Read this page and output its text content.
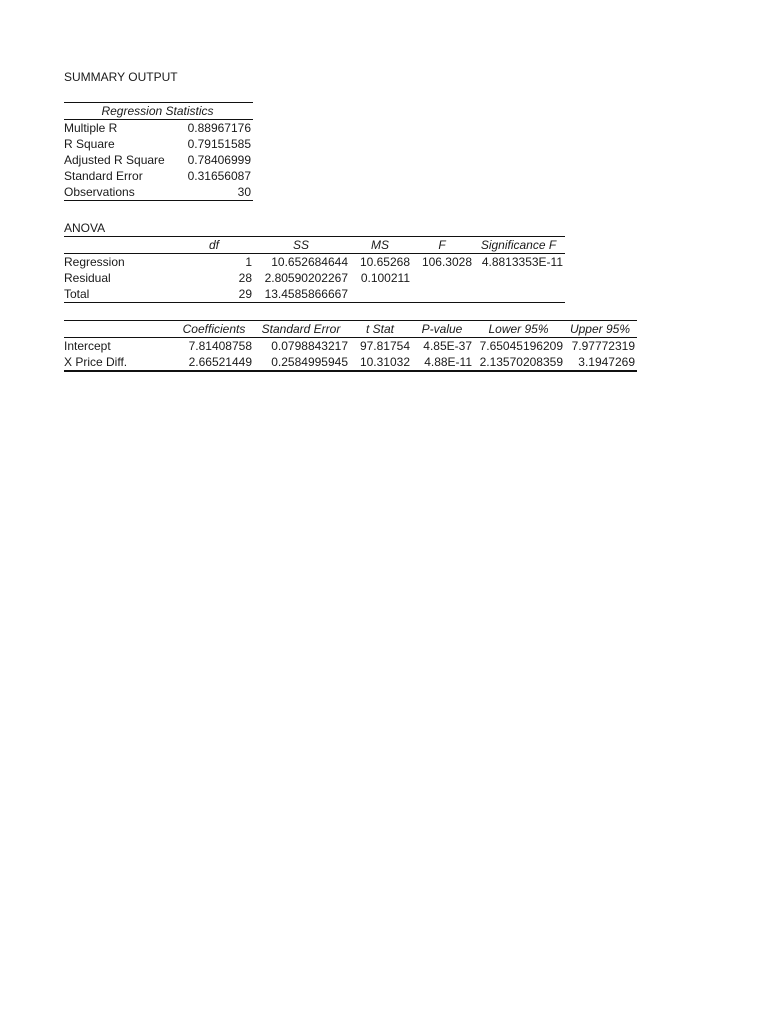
SUMMARY OUTPUT
Regression Statistics	
Multiple R	0.88967176
R Square	0.79151585
Adjusted R Square	0.78406999
Standard Error	0.31656087
Observations	30
ANOVA
	df	SS	MS	F	Significance F
Regression	1	10.652684644	10.65268	106.3028	4.8813353E-11
Residual	28	2.80590202267	0.100211		
Total	29	13.4585866667			
	Coefficients	Standard Error	t Stat	P-value	Lower 95%	Upper 95%
Intercept	7.81408758	0.0798843217	97.81754	4.85E-37	7.65045196209	7.97772319
X Price Diff.	2.66521449	0.2584995945	10.31032	4.88E-11	2.13570208359	3.1947269
